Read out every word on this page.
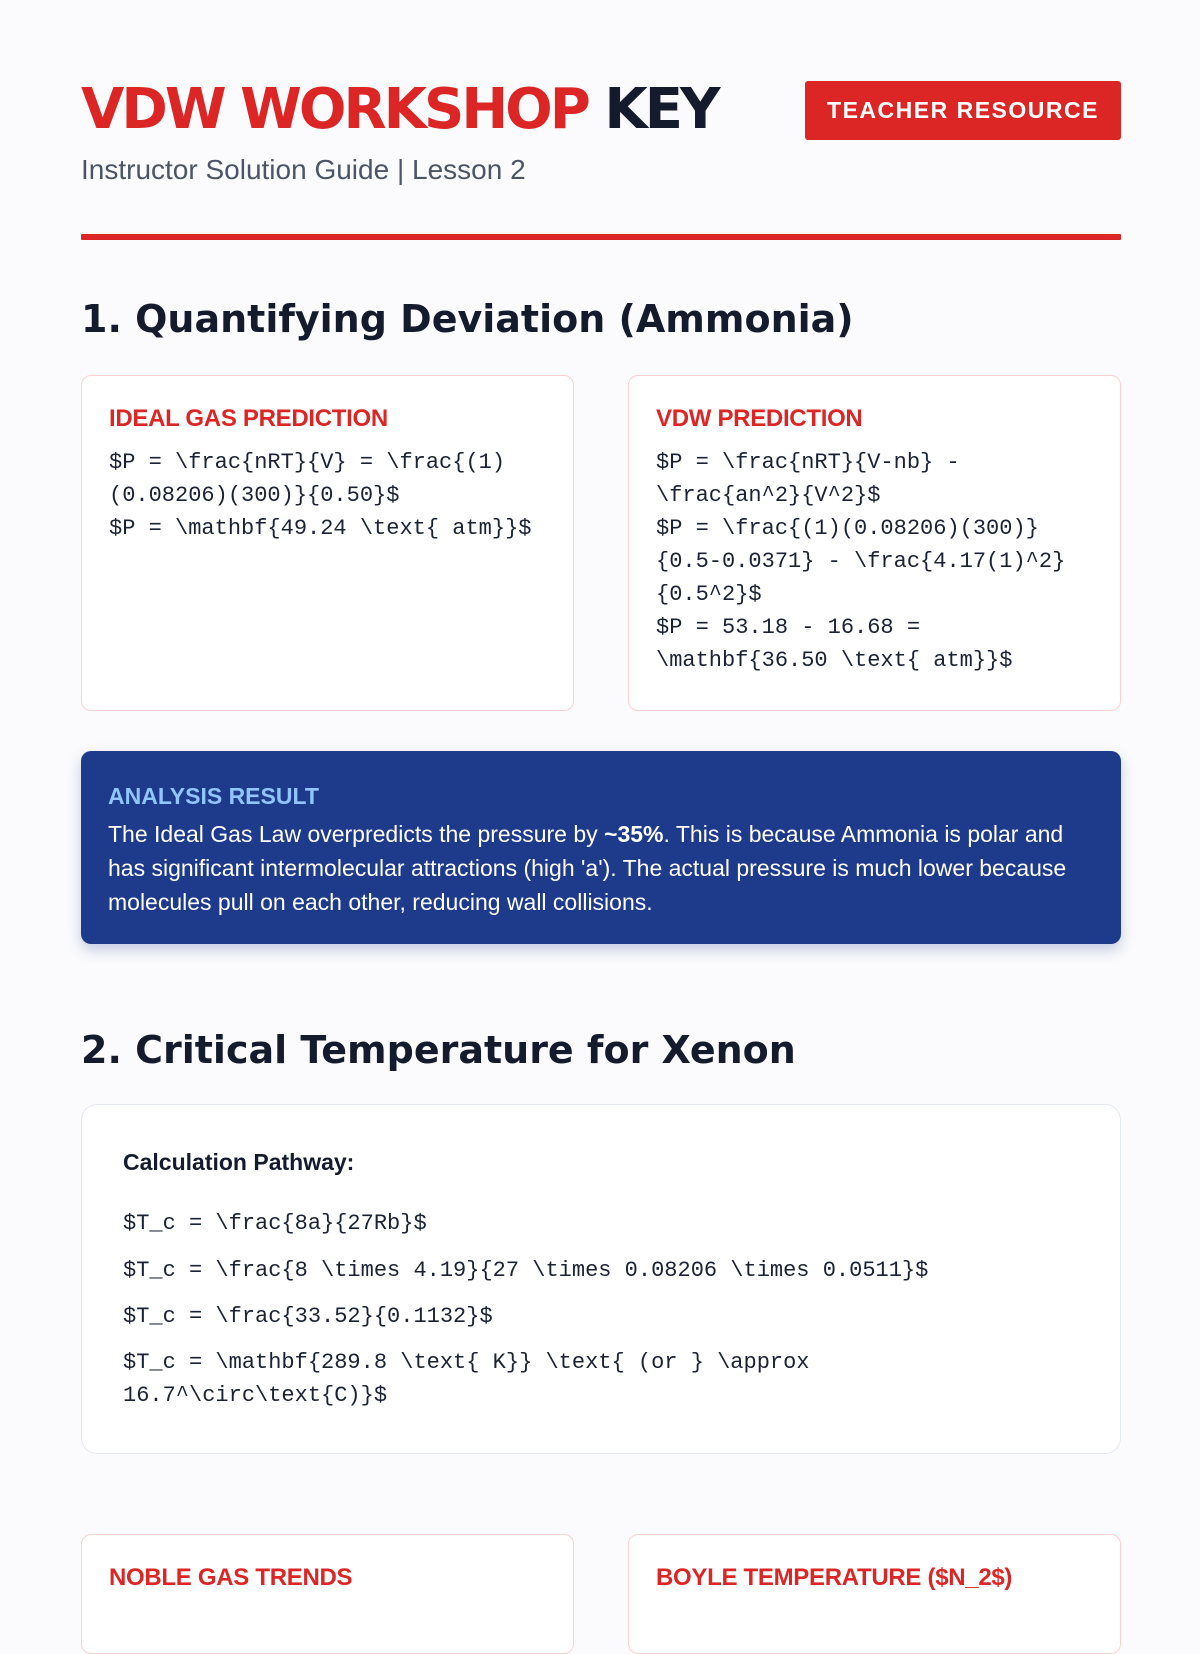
VDW WORKSHOP KEY
Instructor Solution Guide | Lesson 2
TEACHER RESOURCE
1. Quantifying Deviation (Ammonia)
IDEAL GAS PREDICTION
$P = \frac{nRT}{V} = \frac{(1)(0.08206)(300)}{0.50}$
$P = \mathbf{49.24 \text{ atm}}$
VDW PREDICTION
$P = \frac{nRT}{V-nb} - \frac{an^2}{V^2}$
$P = \frac{(1)(0.08206)(300)}{0.5-0.0371} - \frac{4.17(1)^2}{0.5^2}$
$P = 53.18 - 16.68 = \mathbf{36.50 \text{ atm}}$
ANALYSIS RESULT
The Ideal Gas Law overpredicts the pressure by ~35%. This is because Ammonia is polar and has significant intermolecular attractions (high 'a'). The actual pressure is much lower because molecules pull on each other, reducing wall collisions.
2. Critical Temperature for Xenon
Calculation Pathway:

$T_c = \frac{8a}{27Rb}$

$T_c = \frac{8 \times 4.19}{27 \times 0.08206 \times 0.0511}$

$T_c = \frac{33.52}{0.1132}$

$T_c = \mathbf{289.8 \text{ K}} \text{ (or } \approx 16.7^\circ\text{C)}$

NOBLE GAS TRENDS	BOYLE TEMPERATURE ($N_2$)
